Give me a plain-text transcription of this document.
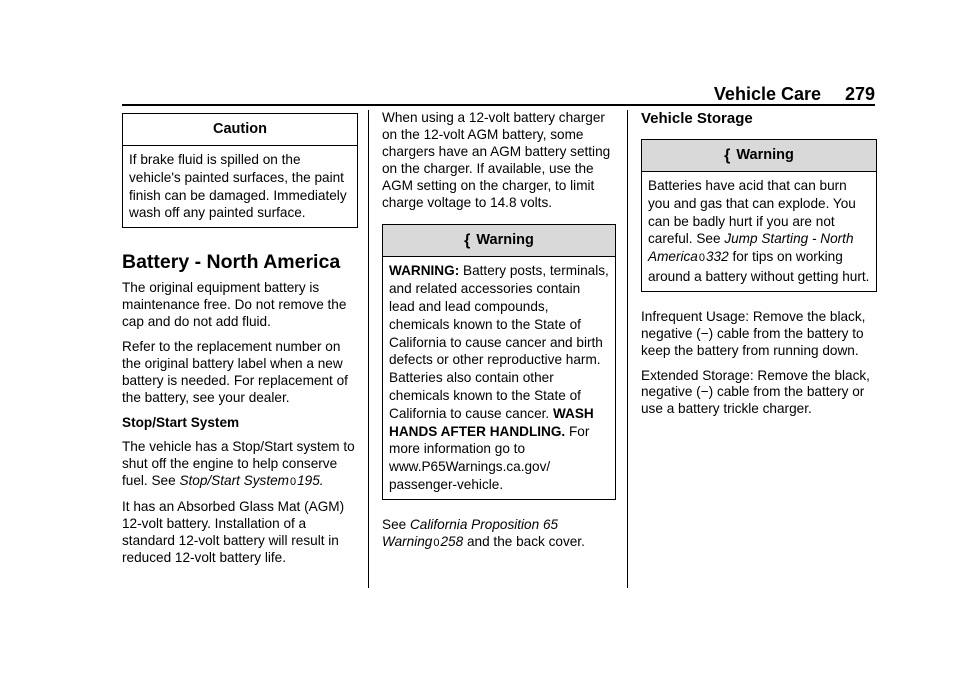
Vehicle Care 279
Caution
If brake fluid is spilled on the vehicle's painted surfaces, the paint finish can be damaged. Immediately wash off any painted surface.
Battery - North America

The original equipment battery is maintenance free. Do not remove the cap and do not add fluid.

Refer to the replacement number on the original battery label when a new battery is needed. For replacement of the battery, see your dealer.

Stop/Start System

The vehicle has a Stop/Start system to shut off the engine to help conserve fuel. See Stop/Start System0195.

It has an Absorbed Glass Mat (AGM) 12-volt battery. Installation of a standard 12-volt battery will result in reduced 12-volt battery life.

When using a 12-volt battery charger on the 12-volt AGM battery, some chargers have an AGM battery setting on the charger. If available, use the AGM setting on the charger, to limit charge voltage to 14.8 volts.

{ Warning
WARNING: Battery posts, terminals, and related accessories contain lead and lead compounds, chemicals known to the State of California to cause cancer and birth defects or other reproductive harm. Batteries also contain other chemicals known to the State of California to cause cancer. WASH HANDS AFTER HANDLING. For more information go to www.P65Warnings.ca.gov/ passenger-vehicle.

See California Proposition 65 Warning0258 and the back cover.

Vehicle Storage
{ Warning
Batteries have acid that can burn you and gas that can explode. You can be badly hurt if you are not careful. See Jump Starting - North America0332 for tips on working around a battery without getting hurt.

Infrequent Usage: Remove the black, negative (−) cable from the battery to keep the battery from running down.

Extended Storage: Remove the black, negative (−) cable from the battery or use a battery trickle charger.
